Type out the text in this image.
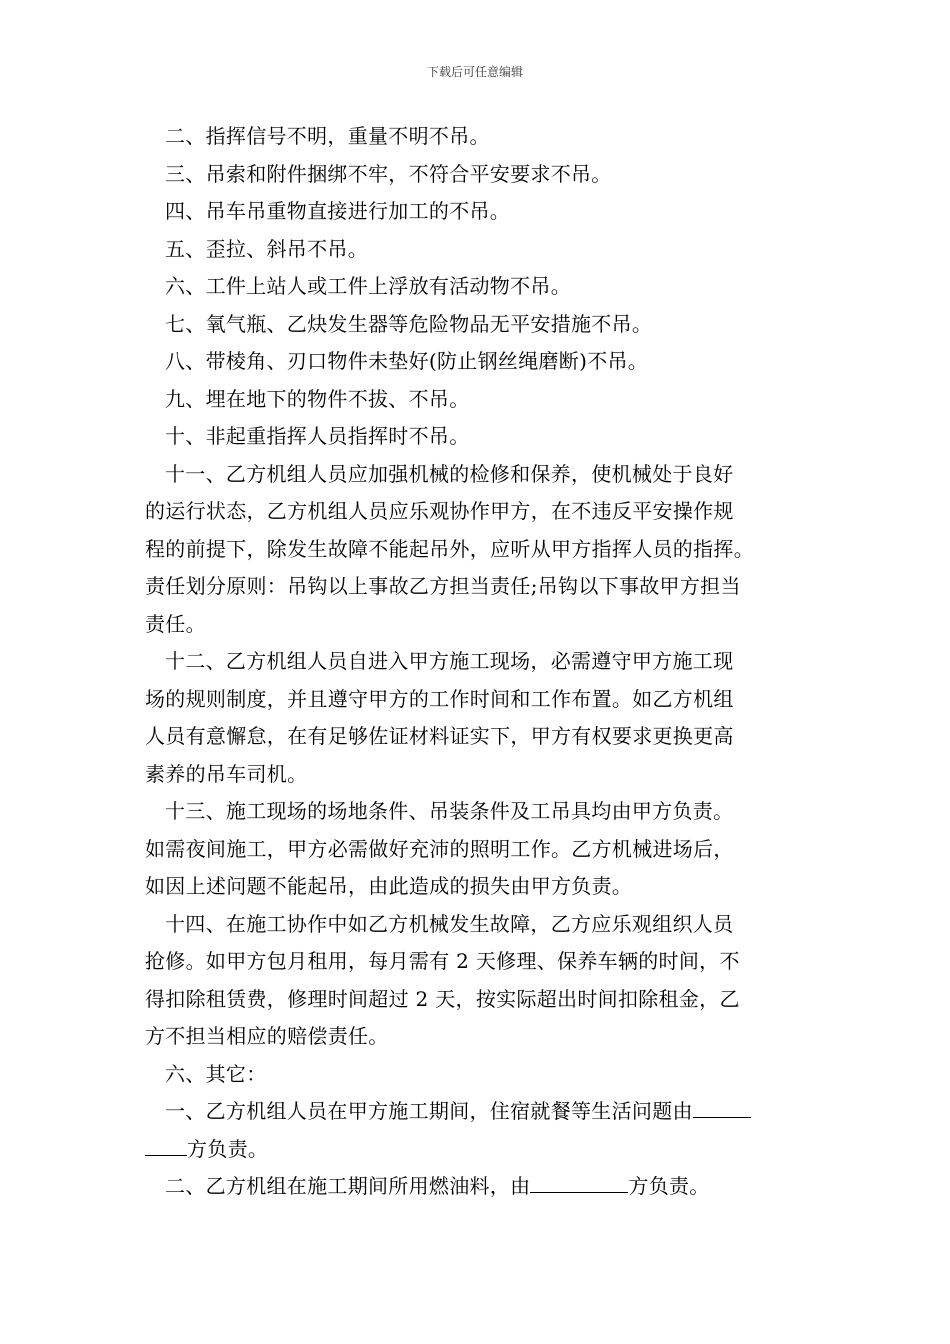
下载后可任意编辑
二、指挥信号不明，重量不明不吊。
三、吊索和附件捆绑不牢，不符合平安要求不吊。
四、吊车吊重物直接进行加工的不吊。
五、歪拉、斜吊不吊。
六、工件上站人或工件上浮放有活动物不吊。
七、氧气瓶、乙炔发生器等危险物品无平安措施不吊。
八、带棱角、刃口物件未垫好(防止钢丝绳磨断)不吊。
九、埋在地下的物件不拔、不吊。
十、非起重指挥人员指挥时不吊。
十一、乙方机组人员应加强机械的检修和保养，使机械处于良好
的运行状态，乙方机组人员应乐观协作甲方，在不违反平安操作规
程的前提下，除发生故障不能起吊外，应听从甲方指挥人员的指挥。
责任划分原则：吊钩以上事故乙方担当责任;吊钩以下事故甲方担当
责任。
十二、乙方机组人员自进入甲方施工现场，必需遵守甲方施工现
场的规则制度，并且遵守甲方的工作时间和工作布置。如乙方机组
人员有意懈怠，在有足够佐证材料证实下，甲方有权要求更换更高
素养的吊车司机。
十三、施工现场的场地条件、吊装条件及工吊具均由甲方负责。
如需夜间施工，甲方必需做好充沛的照明工作。乙方机械进场后，
如因上述问题不能起吊，由此造成的损失由甲方负责。
十四、在施工协作中如乙方机械发生故障，乙方应乐观组织人员
抢修。如甲方包月租用，每月需有 2 天修理、保养车辆的时间，不
得扣除租赁费，修理时间超过 2 天，按实际超出时间扣除租金，乙
方不担当相应的赔偿责任。
六、其它：
一、乙方机组人员在甲方施工期间，住宿就餐等生活问题由
方负责。
二、乙方机组在施工期间所用燃油料，由	方负责。
